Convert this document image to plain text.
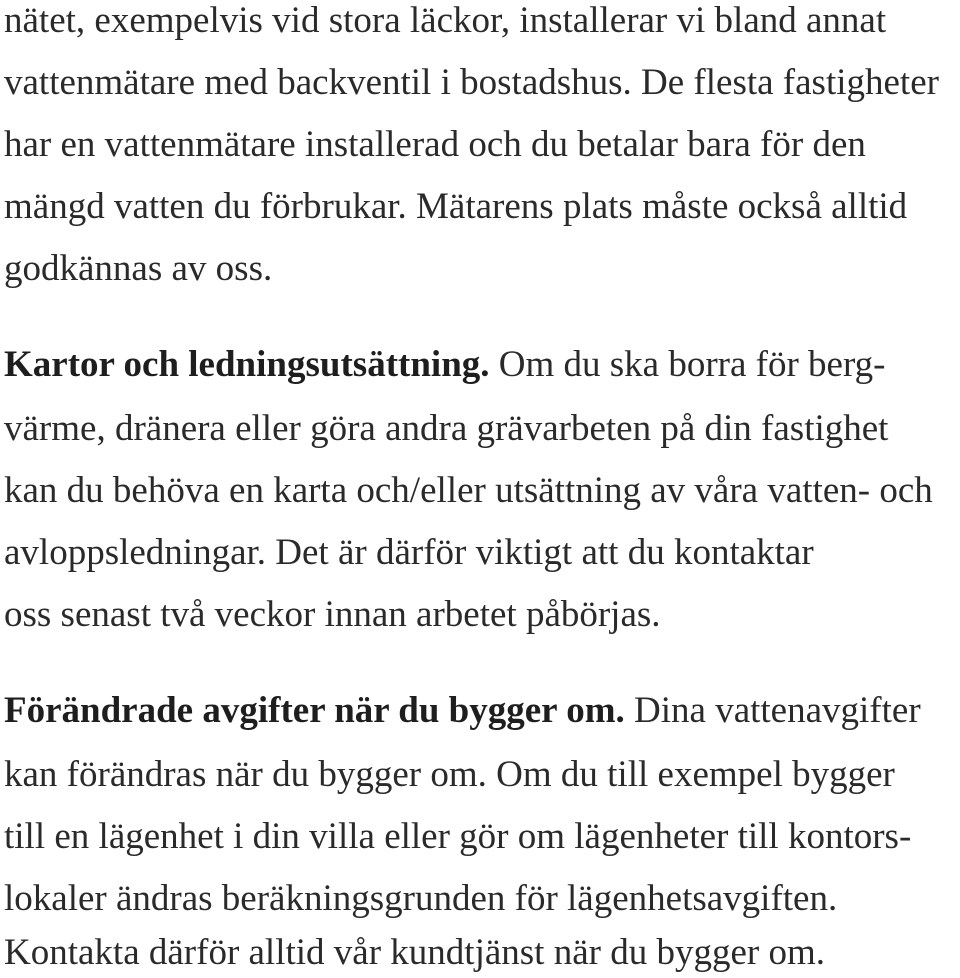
nätet, exempelvis vid stora läckor, installerar vi bland annat
vattenmätare med backventil i bostadshus. De flesta fastigheter
har en vattenmätare installerad och du betalar bara för den
mängd vatten du förbrukar. Mätarens plats måste också alltid
godkännas av oss.
Kartor och ledningsutsättning. Om du ska borra för berg-
värme, dränera eller göra andra grävarbeten på din fastighet
kan du behöva en karta och/eller utsättning av våra vatten- och
avloppsledningar. Det är därför viktigt att du kontaktar
oss senast två veckor innan arbetet påbörjas.
Förändrade avgifter när du bygger om. Dina vattenavgifter
kan förändras när du bygger om. Om du till exempel bygger
till en lägenhet i din villa eller gör om lägenheter till kontors-
lokaler ändras beräkningsgrunden för lägenhetsavgiften.
Kontakta därför alltid vår kundtjänst när du bygger om.
